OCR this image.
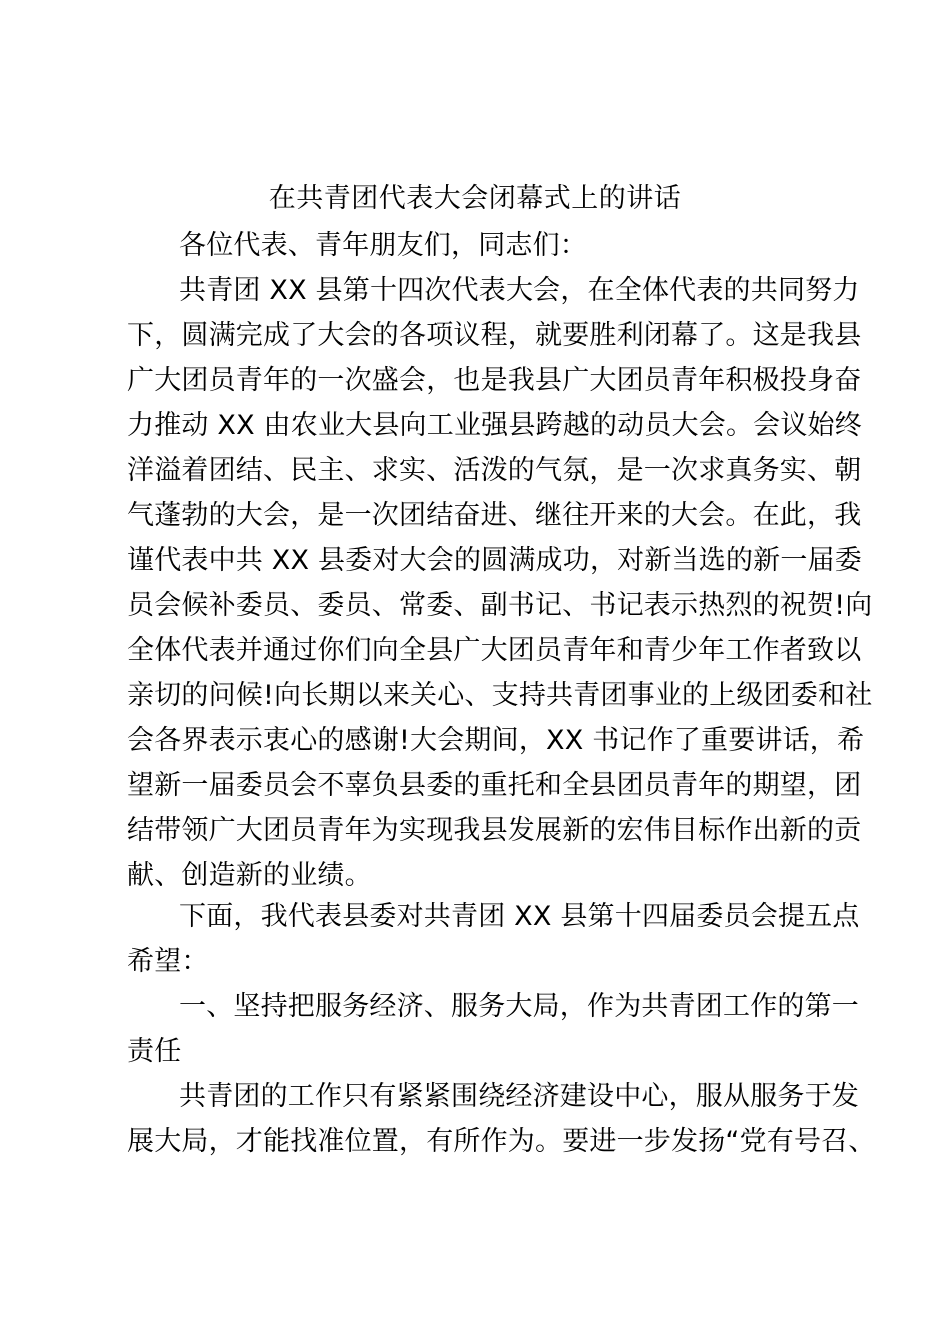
在共青团代表大会闭幕式上的讲话
各位代表、青年朋友们，同志们：
共青团 XX 县第十四次代表大会，在全体代表的共同努力
下，圆满完成了大会的各项议程，就要胜利闭幕了。这是我县
广大团员青年的一次盛会，也是我县广大团员青年积极投身奋
力推动 XX 由农业大县向工业强县跨越的动员大会。会议始终
洋溢着团结、民主、求实、活泼的气氛，是一次求真务实、朝
气蓬勃的大会，是一次团结奋进、继往开来的大会。在此，我
谨代表中共 XX 县委对大会的圆满成功，对新当选的新一届委
员会候补委员、委员、常委、副书记、书记表示热烈的祝贺!向
全体代表并通过你们向全县广大团员青年和青少年工作者致以
亲切的问候!向长期以来关心、支持共青团事业的上级团委和社
会各界表示衷心的感谢!大会期间，XX 书记作了重要讲话，希
望新一届委员会不辜负县委的重托和全县团员青年的期望，团
结带领广大团员青年为实现我县发展新的宏伟目标作出新的贡
献、创造新的业绩。
下面，我代表县委对共青团 XX 县第十四届委员会提五点
希望：
一、坚持把服务经济、服务大局，作为共青团工作的第一
责任
共青团的工作只有紧紧围绕经济建设中心，服从服务于发
展大局，才能找准位置，有所作为。要进一步发扬“党有号召、
